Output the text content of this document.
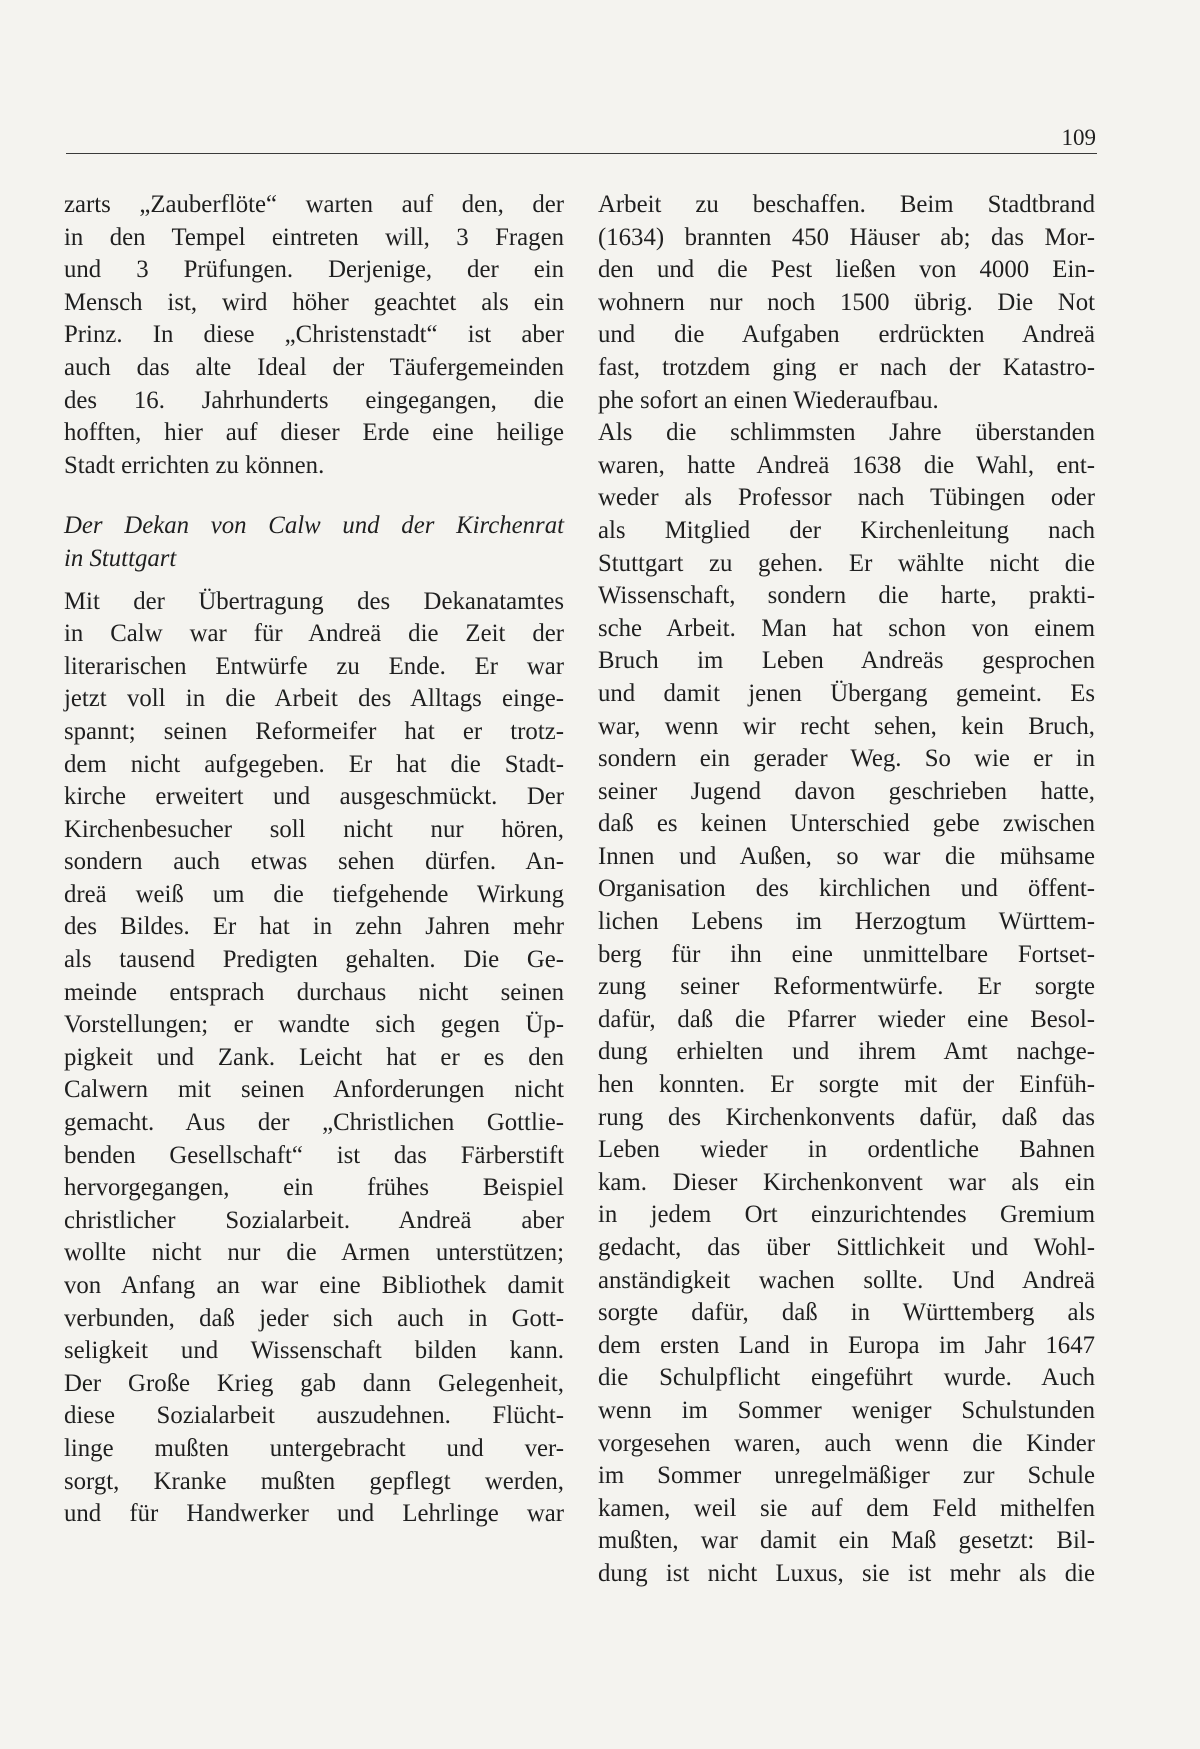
109
zarts „Zauberflöte“ warten auf den, der
in den Tempel eintreten will, 3 Fragen
und 3 Prüfungen. Derjenige, der ein
Mensch ist, wird höher geachtet als ein
Prinz. In diese „Christenstadt“ ist aber
auch das alte Ideal der Täufergemeinden
des 16. Jahrhunderts eingegangen, die
hofften, hier auf dieser Erde eine heilige
Stadt errichten zu können.
Der Dekan von Calw und der Kirchenrat
in Stuttgart
Mit der Übertragung des Dekanatamtes
in Calw war für Andreä die Zeit der
literarischen Entwürfe zu Ende. Er war
jetzt voll in die Arbeit des Alltags einge-
spannt; seinen Reformeifer hat er trotz-
dem nicht aufgegeben. Er hat die Stadt-
kirche erweitert und ausgeschmückt. Der
Kirchenbesucher soll nicht nur hören,
sondern auch etwas sehen dürfen. An-
dreä weiß um die tiefgehende Wirkung
des Bildes. Er hat in zehn Jahren mehr
als tausend Predigten gehalten. Die Ge-
meinde entsprach durchaus nicht seinen
Vorstellungen; er wandte sich gegen Üp-
pigkeit und Zank. Leicht hat er es den
Calwern mit seinen Anforderungen nicht
gemacht. Aus der „Christlichen Gottlie-
benden Gesellschaft“ ist das Färberstift
hervorgegangen, ein frühes Beispiel
christlicher Sozialarbeit. Andreä aber
wollte nicht nur die Armen unterstützen;
von Anfang an war eine Bibliothek damit
verbunden, daß jeder sich auch in Gott-
seligkeit und Wissenschaft bilden kann.
Der Große Krieg gab dann Gelegenheit,
diese Sozialarbeit auszudehnen. Flücht-
linge mußten untergebracht und ver-
sorgt, Kranke mußten gepflegt werden,
und für Handwerker und Lehrlinge war
Arbeit zu beschaffen. Beim Stadtbrand
(1634) brannten 450 Häuser ab; das Mor-
den und die Pest ließen von 4000 Ein-
wohnern nur noch 1500 übrig. Die Not
und die Aufgaben erdrückten Andreä
fast, trotzdem ging er nach der Katastro-
phe sofort an einen Wiederaufbau.
Als die schlimmsten Jahre überstanden
waren, hatte Andreä 1638 die Wahl, ent-
weder als Professor nach Tübingen oder
als Mitglied der Kirchenleitung nach
Stuttgart zu gehen. Er wählte nicht die
Wissenschaft, sondern die harte, prakti-
sche Arbeit. Man hat schon von einem
Bruch im Leben Andreäs gesprochen
und damit jenen Übergang gemeint. Es
war, wenn wir recht sehen, kein Bruch,
sondern ein gerader Weg. So wie er in
seiner Jugend davon geschrieben hatte,
daß es keinen Unterschied gebe zwischen
Innen und Außen, so war die mühsame
Organisation des kirchlichen und öffent-
lichen Lebens im Herzogtum Württem-
berg für ihn eine unmittelbare Fortset-
zung seiner Reformentwürfe. Er sorgte
dafür, daß die Pfarrer wieder eine Besol-
dung erhielten und ihrem Amt nachge-
hen konnten. Er sorgte mit der Einfüh-
rung des Kirchenkonvents dafür, daß das
Leben wieder in ordentliche Bahnen
kam. Dieser Kirchenkonvent war als ein
in jedem Ort einzurichtendes Gremium
gedacht, das über Sittlichkeit und Wohl-
anständigkeit wachen sollte. Und Andreä
sorgte dafür, daß in Württemberg als
dem ersten Land in Europa im Jahr 1647
die Schulpflicht eingeführt wurde. Auch
wenn im Sommer weniger Schulstunden
vorgesehen waren, auch wenn die Kinder
im Sommer unregelmäßiger zur Schule
kamen, weil sie auf dem Feld mithelfen
mußten, war damit ein Maß gesetzt: Bil-
dung ist nicht Luxus, sie ist mehr als die
